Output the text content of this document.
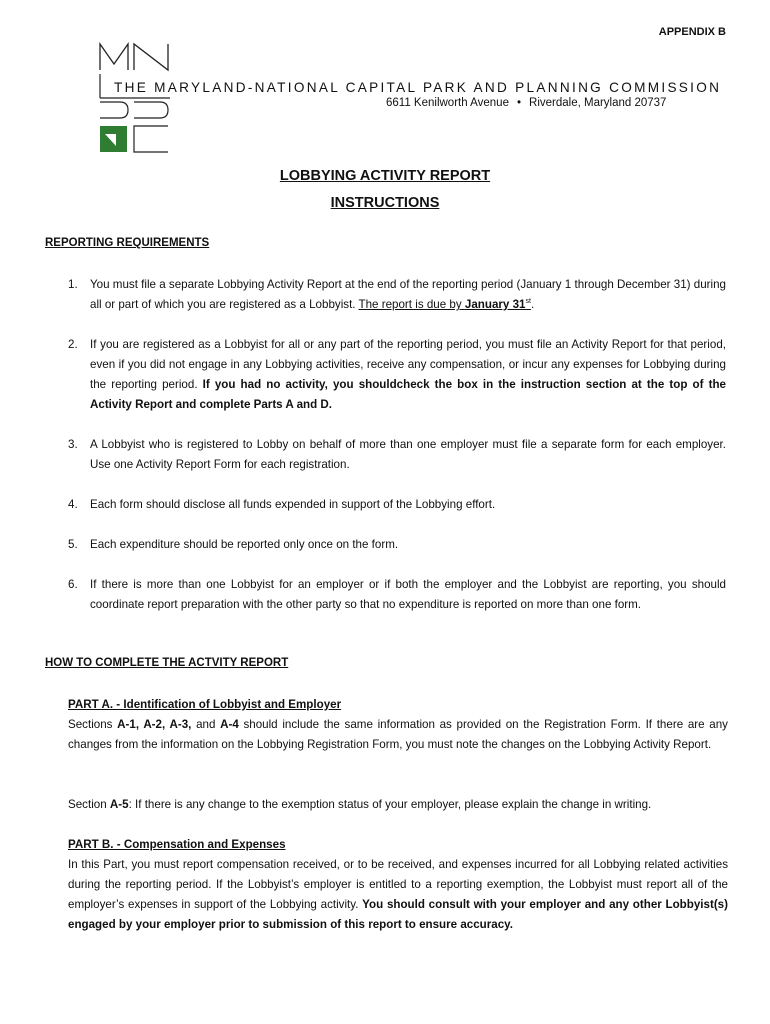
APPENDIX B
THE MARYLAND-NATIONAL CAPITAL PARK AND PLANNING COMMISSION
6611 Kenilworth Avenue • Riverdale, Maryland 20737
LOBBYING ACTIVITY REPORT
INSTRUCTIONS
REPORTING REQUIREMENTS
1. You must file a separate Lobbying Activity Report at the end of the reporting period (January 1 through December 31) during all or part of which you are registered as a Lobbyist. The report is due by January 31st.
2. If you are registered as a Lobbyist for all or any part of the reporting period, you must file an Activity Report for that period, even if you did not engage in any Lobbying activities, receive any compensation, or incur any expenses for Lobbying during the reporting period. If you had no activity, you shouldcheck the box in the instruction section at the top of the Activity Report and complete Parts A and D.
3. A Lobbyist who is registered to Lobby on behalf of more than one employer must file a separate form for each employer. Use one Activity Report Form for each registration.
4. Each form should disclose all funds expended in support of the Lobbying effort.
5. Each expenditure should be reported only once on the form.
6. If there is more than one Lobbyist for an employer or if both the employer and the Lobbyist are reporting, you should coordinate report preparation with the other party so that no expenditure is reported on more than one form.
HOW TO COMPLETE THE ACTVITY REPORT
PART A. - Identification of Lobbyist and Employer
Sections A-1, A-2, A-3, and A-4 should include the same information as provided on the Registration Form. If there are any changes from the information on the Lobbying Registration Form, you must note the changes on the Lobbying Activity Report.
Section A-5: If there is any change to the exemption status of your employer, please explain the change in writing.
PART B. - Compensation and Expenses
In this Part, you must report compensation received, or to be received, and expenses incurred for all Lobbying related activities during the reporting period. If the Lobbyist’s employer is entitled to a reporting exemption, the Lobbyist must report all of the employer’s expenses in support of the Lobbying activity. You should consult with your employer and any other Lobbyist(s) engaged by your employer prior to submission of this report to ensure accuracy.
